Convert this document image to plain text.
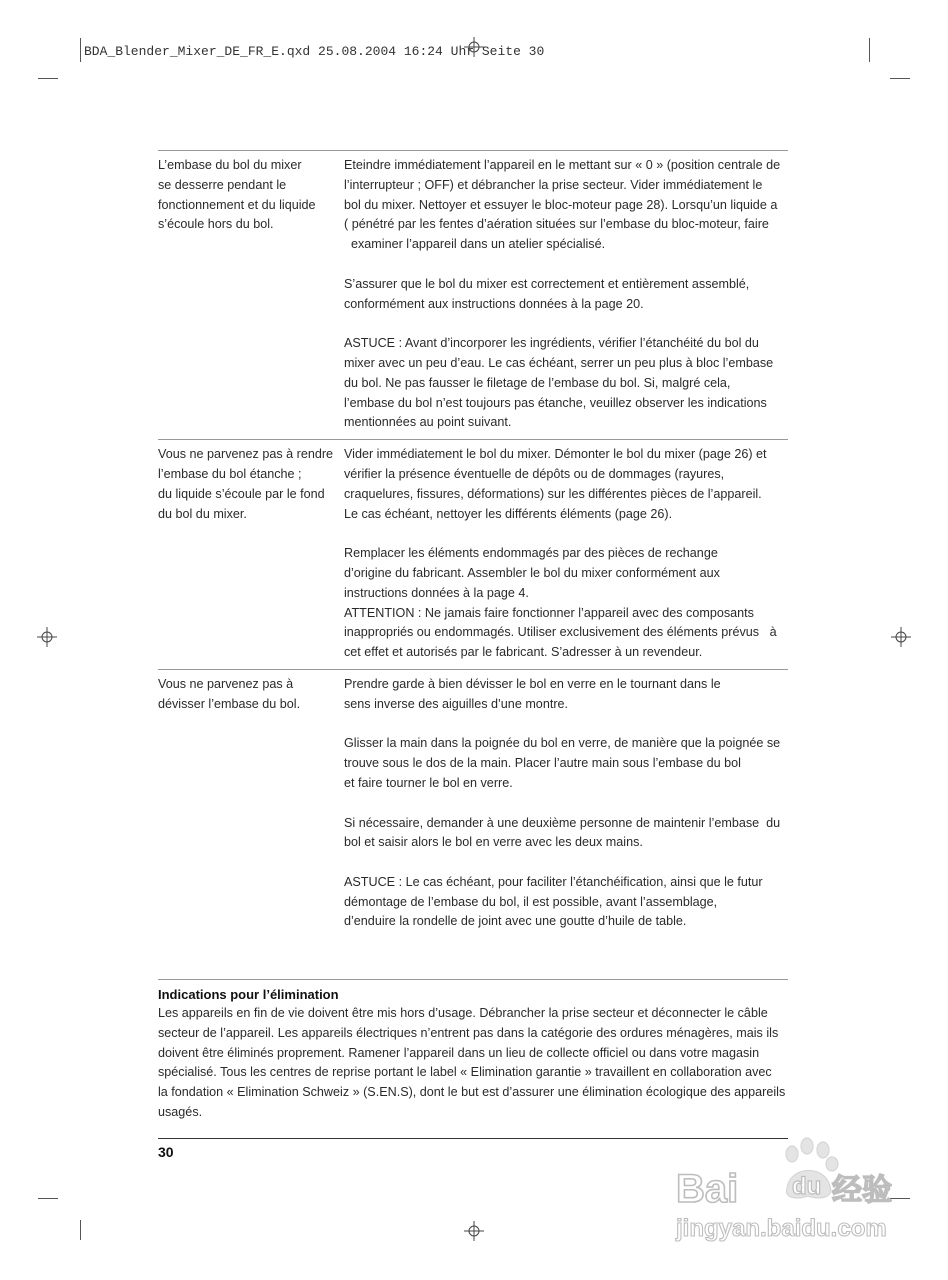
BDA_Blender_Mixer_DE_FR_E.qxd 25.08.2004 16:24 Uhr Seite 30
L’embase du bol du mixer
se desserre pendant le
fonctionnement et du liquide
s’écoule hors du bol.
Eteindre immédiatement l’appareil en le mettant sur « 0 » (position centrale de
l’interrupteur ; OFF) et débrancher la prise secteur. Vider immédiatement le
bol du mixer. Nettoyer et essuyer le bloc-moteur page 28). Lorsqu’un liquide a
( pénétré par les fentes d’aération situées sur l’embase du bloc-moteur, faire
examiner l’appareil dans un atelier spécialisé.
S’assurer que le bol du mixer est correctement et entièrement assemblé,
conformément aux instructions données à la page 20.
ASTUCE : Avant d’incorporer les ingrédients, vérifier l’étanchéité du bol du
mixer avec un peu d’eau. Le cas échéant, serrer un peu plus à bloc l’embase
du bol. Ne pas fausser le filetage de l’embase du bol. Si, malgré cela,
l’embase du bol n’est toujours pas étanche, veuillez observer les indications
mentionnées au point suivant.
Vous ne parvenez pas à rendre
l’embase du bol étanche ;
du liquide s’écoule par le fond
du bol du mixer.
Vider immédiatement le bol du mixer. Démonter le bol du mixer (page 26) et
vérifier la présence éventuelle de dépôts ou de dommages (rayures,
craquelures, fissures, déformations) sur les différentes pièces de l’appareil.
Le cas échéant, nettoyer les différents éléments (page 26).
Remplacer les éléments endommagés par des pièces de rechange
d’origine du fabricant. Assembler le bol du mixer conformément aux
instructions données à la page 4.
ATTENTION : Ne jamais faire fonctionner l’appareil avec des composants
inappropriés ou endommagés. Utiliser exclusivement des éléments prévus   à
cet effet et autorisés par le fabricant. S’adresser à un revendeur.
Vous ne parvenez pas à
dévisser l’embase du bol.
Prendre garde à bien dévisser le bol en verre en le tournant dans le
sens inverse des aiguilles d’une montre.
Glisser la main dans la poignée du bol en verre, de manière que la poignée se
trouve sous le dos de la main. Placer l’autre main sous l’embase du bol
et faire tourner le bol en verre.
Si nécessaire, demander à une deuxième personne de maintenir l’embase  du
bol et saisir alors le bol en verre avec les deux mains.
ASTUCE : Le cas échéant, pour faciliter l’étanchéification, ainsi que le futur
démontage de l’embase du bol, il est possible, avant l’assemblage,
d’enduire la rondelle de joint avec une goutte d’huile de table.
Indications pour l’élimination
Les appareils en fin de vie doivent être mis hors d’usage. Débrancher la prise secteur et déconnecter le câble
secteur de l’appareil. Les appareils électriques n’entrent pas dans la catégorie des ordures ménagères, mais ils
doivent être éliminés proprement. Ramener l’appareil dans un lieu de collecte officiel ou dans votre magasin
spécialisé. Tous les centres de reprise portant le label « Elimination garantie » travaillent en collaboration avec
la fondation « Elimination Schweiz » (S.EN.S), dont le but est d’assurer une élimination écologique des appareils
usagés.
30
Bai du 经验
jingyan.baidu.com
